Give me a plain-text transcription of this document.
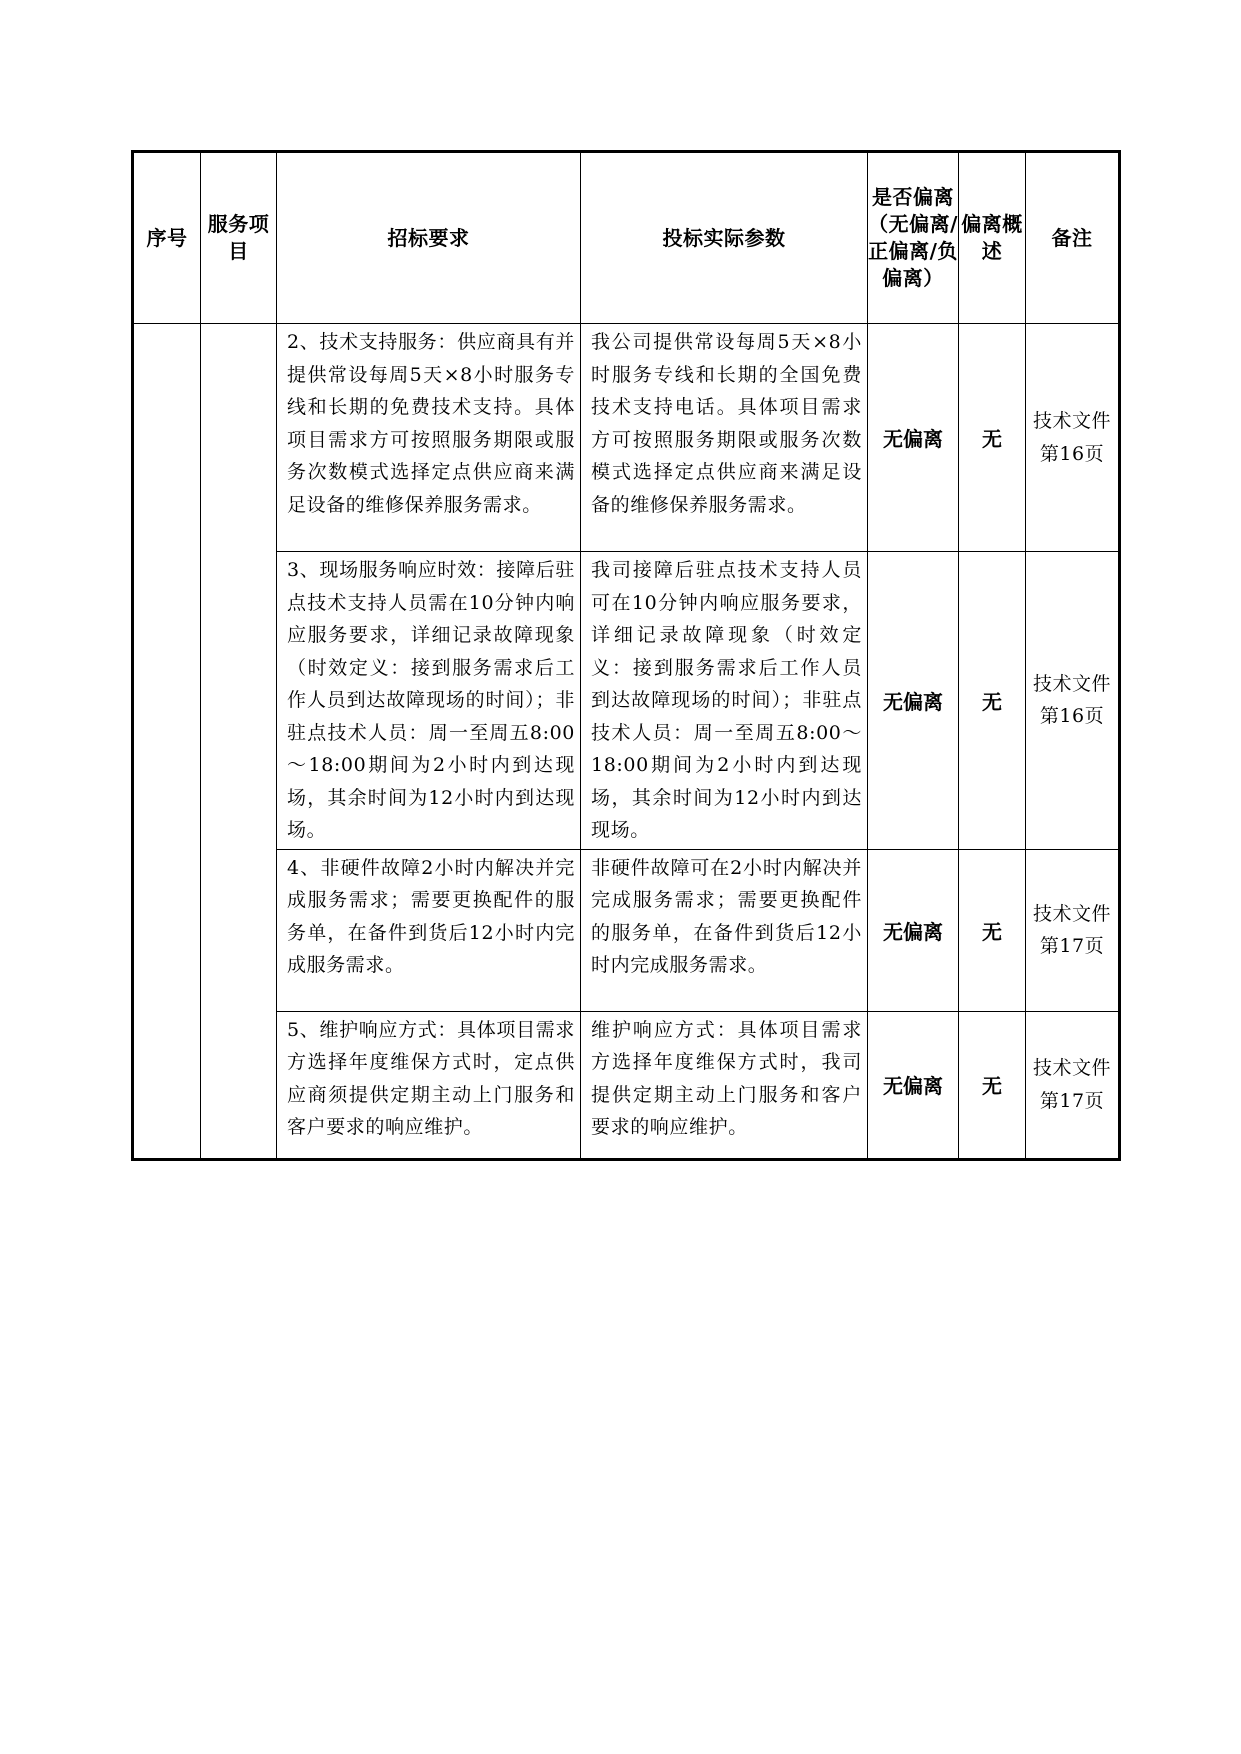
序号	服务项目	招标要求	投标实际参数	是否偏离（无偏离/正偏离/负偏离）	偏离概述	备注
		2、技术支持服务：供应商具有并提供常设每周5天×8小时服务专线和长期的免费技术支持。具体项目需求方可按照服务期限或服务次数模式选择定点供应商来满足设备的维修保养服务需求。	我公司提供常设每周5天×8小时服务专线和长期的全国免费技术支持电话。具体项目需求方可按照服务期限或服务次数模式选择定点供应商来满足设备的维修保养服务需求。	无偏离	无	技术文件第16页
		3、现场服务响应时效：接障后驻点技术支持人员需在10分钟内响应服务要求，详细记录故障现象（时效定义：接到服务需求后工作人员到达故障现场的时间）；非驻点技术人员：周一至周五8:00～18:00期间为2小时内到达现场，其余时间为12小时内到达现场。	我司接障后驻点技术支持人员可在10分钟内响应服务要求，详细记录故障现象（时效定义：接到服务需求后工作人员到达故障现场的时间）；非驻点技术人员：周一至周五8:00～18:00期间为2小时内到达现场，其余时间为12小时内到达现场。	无偏离	无	技术文件第16页
		4、非硬件故障2小时内解决并完成服务需求；需要更换配件的服务单，在备件到货后12小时内完成服务需求。	非硬件故障可在2小时内解决并完成服务需求；需要更换配件的服务单，在备件到货后12小时内完成服务需求。	无偏离	无	技术文件第17页
		5、维护响应方式：具体项目需求方选择年度维保方式时，定点供应商须提供定期主动上门服务和客户要求的响应维护。	维护响应方式：具体项目需求方选择年度维保方式时，我司提供定期主动上门服务和客户要求的响应维护。	无偏离	无	技术文件第17页
